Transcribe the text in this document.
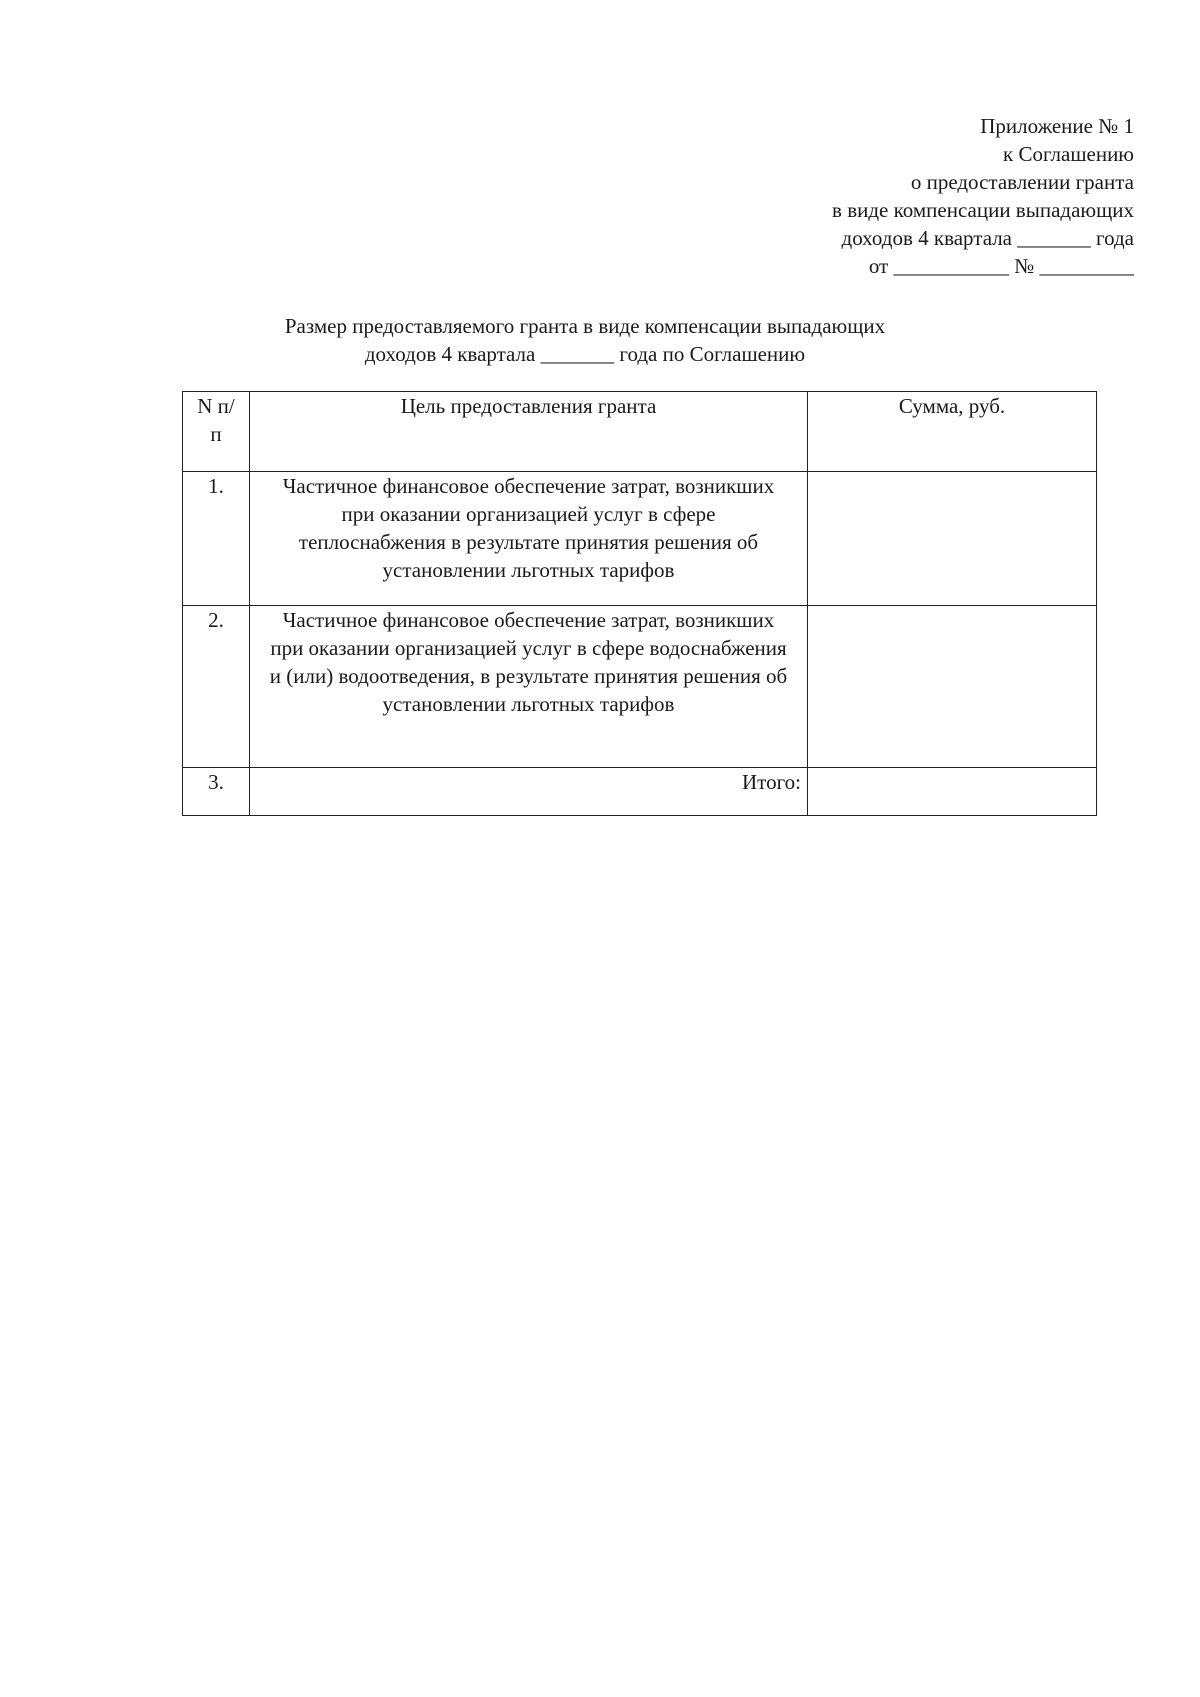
Приложение № 1
к Соглашению
о предоставлении гранта
в виде компенсации выпадающих
доходов 4 квартала _______ года
от ___________ № _________
Размер предоставляемого гранта в виде компенсации выпадающих
доходов 4 квартала _______ года по Соглашению
N п/п	Цель предоставления гранта	Сумма, руб.
1.	Частичное финансовое обеспечение затрат, возникших при оказании организацией услуг в сфере теплоснабжения в результате принятия решения об установлении льготных тарифов	

2.	Частичное финансовое обеспечение затрат, возникших при оказании организацией услуг в сфере водоснабжения и (или) водоотведения, в результате принятия решения об установлении льготных тарифов	

3.	Итого:	
